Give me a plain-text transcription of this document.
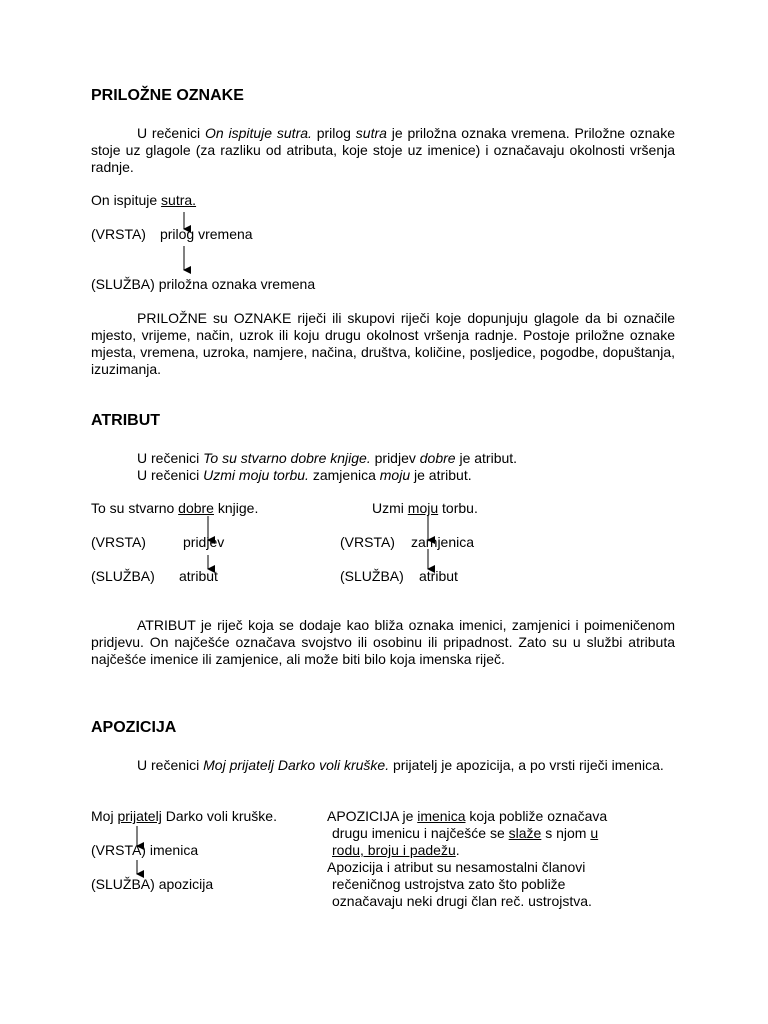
PRILOŽNE OZNAKE
U rečenici On ispituje sutra. prilog sutra je priložna oznaka vremena. Priložne oznake stoje uz glagole (za razliku od atributa, koje stoje uz imenice) i označavaju okolnosti vršenja radnje.
On ispituje sutra.
(VRSTA) prilog vremena
(SLUŽBA) priložna oznaka vremena
PRILOŽNE su OZNAKE riječi ili skupovi riječi koje dopunjuju glagole da bi označile mjesto, vrijeme, način, uzrok ili koju drugu okolnost vršenja radnje. Postoje priložne oznake mjesta, vremena, uzroka, namjere, načina, društva, količine, posljedice, pogodbe, dopuštanja, izuzimanja.
ATRIBUT
U rečenici To su stvarno dobre knjige. pridjev dobre je atribut.
U rečenici Uzmi moju torbu. zamjenica moju je atribut.
To su stvarno dobre knjige.
(VRSTA)	pridjev
(SLUŽBA) atribut
Uzmi moju torbu.
(VRSTA) zamjenica
(SLUŽBA) atribut
ATRIBUT je riječ koja se dodaje kao bliža oznaka imenici, zamjenici i poimeničenom pridjevu. On najčešće označava svojstvo ili osobinu ili pripadnost. Zato su u službi atributa najčešće imenice ili zamjenice, ali može biti bilo koja imenska riječ.
APOZICIJA
U rečenici Moj prijatelj Darko voli kruške. prijatelj je apozicija, a po vrsti riječi imenica.
Moj prijatelj Darko voli kruške.
(VRSTA) imenica
(SLUŽBA) apozicija
APOZICIJA je imenica koja pobliže označava
drugu imenicu i najčešće se slaže s njom u
rodu, broju i padežu.
Apozicija i atribut su nesamostalni članovi
rečeničnog ustrojstva zato što pobliže
označavaju neki drugi član reč. ustrojstva.
